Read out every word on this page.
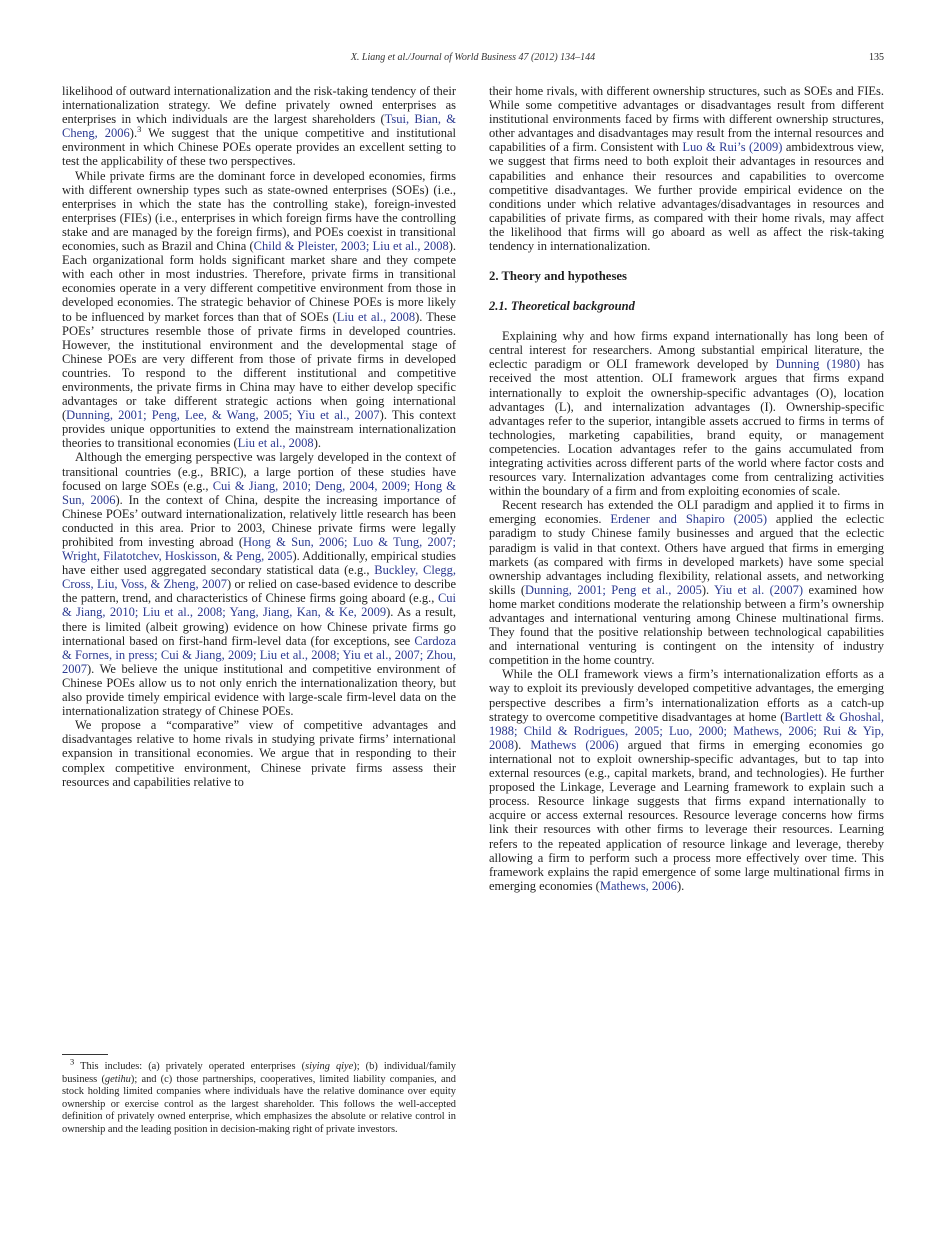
X. Liang et al./Journal of World Business 47 (2012) 134–144	135

likelihood of outward internationalization and the risk-taking tendency of their internationalization strategy. We define privately owned enterprises as enterprises in which individuals are the largest shareholders (Tsui, Bian, & Cheng, 2006).$^3$ We suggest that the unique competitive and institutional environment in which Chinese POEs operate provides an excellent setting to test the applicability of these two perspectives.

While private firms are the dominant force in developed economies, firms with different ownership types such as state-owned enterprises (SOEs) (i.e., enterprises in which the state has the controlling stake), foreign-invested enterprises (FIEs) (i.e., enterprises in which foreign firms have the controlling stake and are managed by the foreign firms), and POEs coexist in transitional economies, such as Brazil and China (Child & Pleister, 2003; Liu et al., 2008). Each organizational form holds significant market share and they compete with each other in most industries. Therefore, private firms in transitional economies operate in a very different competitive environment from those in developed economies. The strategic behavior of Chinese POEs is more likely to be influenced by market forces than that of SOEs (Liu et al., 2008). These POEs’ structures resemble those of private firms in developed countries. However, the institutional environment and the developmental stage of Chinese POEs are very different from those of private firms in developed countries. To respond to the different institutional and competitive environments, the private firms in China may have to either develop specific advantages or take different strategic actions when going international (Dunning, 2001; Peng, Lee, & Wang, 2005; Yiu et al., 2007). This context provides unique opportunities to extend the mainstream internationalization theories to transitional economies (Liu et al., 2008).

Although the emerging perspective was largely developed in the context of transitional countries (e.g., BRIC), a large portion of these studies have focused on large SOEs (e.g., Cui & Jiang, 2010; Deng, 2004, 2009; Hong & Sun, 2006). In the context of China, despite the increasing importance of Chinese POEs’ outward internationalization, relatively little research has been conducted in this area. Prior to 2003, Chinese private firms were legally prohibited from investing abroad (Hong & Sun, 2006; Luo & Tung, 2007; Wright, Filatotchev, Hoskisson, & Peng, 2005). Additionally, empirical studies have either used aggregated secondary statistical data (e.g., Buckley, Clegg, Cross, Liu, Voss, & Zheng, 2007) or relied on case-based evidence to describe the pattern, trend, and characteristics of Chinese firms going aboard (e.g., Cui & Jiang, 2010; Liu et al., 2008; Yang, Jiang, Kan, & Ke, 2009). As a result, there is limited (albeit growing) evidence on how Chinese private firms go international based on first-hand firm-level data (for exceptions, see Cardoza & Fornes, in press; Cui & Jiang, 2009; Liu et al., 2008; Yiu et al., 2007; Zhou, 2007). We believe the unique institutional and competitive environment of Chinese POEs allow us to not only enrich the internationalization theory, but also provide timely empirical evidence with large-scale firm-level data on the internationalization strategy of Chinese POEs.

We propose a “comparative” view of competitive advantages and disadvantages relative to home rivals in studying private firms’ international expansion in transitional economies. We argue that in responding to their complex competitive environment, Chinese private firms assess their resources and capabilities relative to

their home rivals, with different ownership structures, such as SOEs and FIEs. While some competitive advantages or disadvantages result from different institutional environments faced by firms with different ownership structures, other advantages and disadvantages may result from the internal resources and capabilities of a firm. Consistent with Luo & Rui’s (2009) ambidextrous view, we suggest that firms need to both exploit their advantages in resources and capabilities and enhance their resources and capabilities to overcome competitive disadvantages. We further provide empirical evidence on the conditions under which relative advantages/disadvantages in resources and capabilities of private firms, as compared with their home rivals, may affect the likelihood that firms will go aboard as well as affect the risk-taking tendency in internationalization.

2. Theory and hypotheses
2.1. Theoretical background

Explaining why and how firms expand internationally has long been of central interest for researchers. Among substantial empirical literature, the eclectic paradigm or OLI framework developed by Dunning (1980) has received the most attention. OLI framework argues that firms expand internationally to exploit the ownership-specific advantages (O), location advantages (L), and internalization advantages (I). Ownership-specific advantages refer to the superior, intangible assets accrued to firms in terms of technologies, marketing capabilities, brand equity, or management competencies. Location advantages refer to the gains accumulated from integrating activities across different parts of the world where factor costs and resources vary. Internalization advantages come from centralizing activities within the boundary of a firm and from exploiting economies of scale.

Recent research has extended the OLI paradigm and applied it to firms in emerging economies. Erdener and Shapiro (2005) applied the eclectic paradigm to study Chinese family businesses and argued that the eclectic paradigm is valid in that context. Others have argued that firms in emerging markets (as compared with firms in developed markets) have some special ownership advantages including flexibility, relational assets, and networking skills (Dunning, 2001; Peng et al., 2005). Yiu et al. (2007) examined how home market conditions moderate the relationship between a firm’s ownership advantages and international venturing among Chinese multinational firms. They found that the positive relationship between technological capabilities and international venturing is contingent on the intensity of industry competition in the home country.

While the OLI framework views a firm’s internationalization efforts as a way to exploit its previously developed competitive advantages, the emerging perspective describes a firm’s internationalization efforts as a catch-up strategy to overcome competitive disadvantages at home (Bartlett & Ghoshal, 1988; Child & Rodrigues, 2005; Luo, 2000; Mathews, 2006; Rui & Yip, 2008). Mathews (2006) argued that firms in emerging economies go international not to exploit ownership-specific advantages, but to tap into external resources (e.g., capital markets, brand, and technologies). He further proposed the Linkage, Leverage and Learning framework to explain such a process. Resource linkage suggests that firms expand internationally to acquire or access external resources. Resource leverage concerns how firms link their resources with other firms to leverage their resources. Learning refers to the repeated application of resource linkage and leverage, thereby allowing a firm to perform such a process more effectively over time. This framework explains the rapid emergence of some large multinational firms in emerging economies (Mathews, 2006).

$^3$ This includes: (a) privately operated enterprises (siying qiye); (b) individual/family business (getihu); and (c) those partnerships, cooperatives, limited liability companies, and stock holding limited companies where individuals have the relative dominance over equity ownership or exercise control as the largest shareholder. This follows the well-accepted definition of privately owned enterprise, which emphasizes the absolute or relative control in ownership and the leading position in decision-making right of private investors.
